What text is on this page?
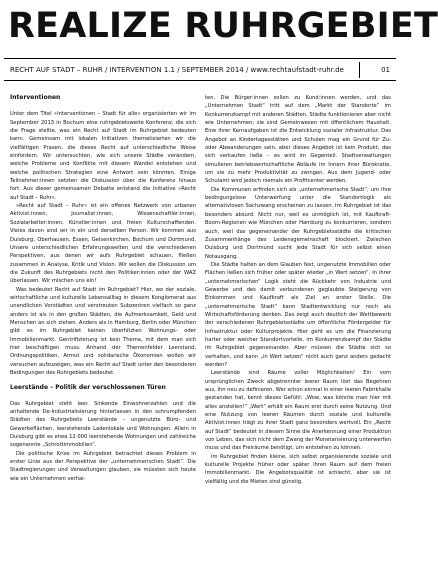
REALIZE RUHRGEBIET
RECHT AUF STADT – RUHR / INTERVENTION 1.1 / SEPTEMBER 2014 / www.rechtaufstadt-ruhr.de	01
Interventionen

Unter dem Titel »Interventionen – Stadt für alle« organisierten wir im September 2013 in Bochum eine ruhrgebietsweite Konferenz, die sich die Frage stellte, was ein Recht auf Stadt im Ruhrgebiet bedeuten kann. Gemeinsam mit lokalen Initiativen thematisierten wir die vielfältigen Praxen, die dieses Recht auf unterschiedliche Weise einfordern. Wir untersuchten, wie sich unsere Städte verändern, welche Probleme und Konflikte mit diesem Wandel entstehen und welche politischen Strategien eine Antwort sein könnten. Einige Teilnehmer:innen setzten die Diskussion über die Konferenz hinaus fort. Aus dieser gemeinsamen Debatte entstand die Initiative »Recht auf Stadt – Ruhr«.

»Recht auf Stadt – Ruhr« ist ein offenes Netzwerk von urbanen Aktivist:innen, Journalist:innen, Wissenschaftler:innen, Sozialarbeiter:innen, Künstler:innen und freien Kulturschaffenden. Vieles davon sind wir in ein und derselben Person. Wir kommen aus Duisburg, Oberhausen, Essen, Gelsenkirchen, Bochum und Dortmund. Unsere unterschiedlichen Erfahrungswelten und die verschiedenen Perspektiven, aus denen wir aufs Ruhrgebiet schauen, fließen zusammen in Analyse, Kritik und Vision. Wir wollen die Diskussion um die Zukunft des Ruhrgebiets nicht den Politiker:innen oder der WAZ überlassen. Wir mischen uns ein!

Was bedeutet Recht auf Stadt im Ruhrgebiet? Hier, wo der soziale, wirtschaftliche und kulturelle Lebensalltag in diesem Konglomerat aus unendlichen Vorstädten und verstreuten Subzentren vielfach so ganz anders ist als in den großen Städten, die Aufmerksamkeit, Geld und Menschen an sich ziehen. Anders als in Hamburg, Berlin oder München gibt es im Ruhrgebiet keinen überhitzten Wohnungs- oder Immobilienmarkt. Gentrifizierung ist kein Thema, mit dem man sich hier beschäftigen muss. Anhand der Themenfelder Leerstand, Ordnungspolitiken, Armut und solidarische Ökonomien wollen wir versuchen aufzuzeigen, was ein Recht auf Stadt unter den besonderen Bedingungen des Ruhrgebiets bedeutet.

Leerstände – Politik der verschlossenen Türen

Das Ruhrgebiet steht leer. Sinkende Einwohnerzahlen und die anhaltende De-Industrialisierung hinterlassen in den schrumpfenden Städten des Ruhrgebiets Leerstände – ungenutzte Büro- und Gewerbeflächen, leerstehende Ladenlokale und Wohnungen. Allein in Duisburg gibt es etwa 12.000 leerstehende Wohnungen und zahlreiche sogenannte „Schrottimmobilien“.

Die politische Krise im Ruhrgebiet betrachtet dieses Problem in erster Linie aus der Perspektive der „unternehmerischen Stadt“. Die Stadtregierungen und Verwaltungen glauben, sie müssten sich heute wie ein Unternehmen verhal-

ten. Die Bürger:innen sollen zu Kund:innen werden, und das „Unternehmen Stadt“ tritt auf dem „Markt der Standorte“ im Konkurrenzkampf mit anderen Städten. Städte funktionieren aber nicht wie Unternehmen; sie sind Gemeinwesen mit öffentlichem Haushalt. Eine ihrer Kernaufgaben ist die Entwicklung sozialer Infrastruktur. Das Angebot an Kindertagesstätten und Schulen mag ein Grund für Zu- oder Abwanderungen sein, aber dieses Angebot ist kein Produkt, das sich verkaufen ließe – es wird im Gegenteil. Stadtverwaltungen simulieren betriebswirtschaftliche Abläufe im Innern ihrer Bürokratie, um sie zu mehr Produktivität zu zwingen. Aus dem Jugend- oder Schulamt wird jedoch niemals ein Profitcenter werden.

Die Kommunen erfinden sich als „unternehmerische Stadt“, um ihre bedingungslose Unterwerfung unter die Standortlogik als alternativlosen Sachzwang erscheinen zu lassen. Im Ruhrgebiet ist das besonders absurd. Nicht nur, weil es unmöglich ist, mit Kaufkraft-Boom-Regionen wie München oder Hamburg zu konkurrieren, sondern auch, weil das gegeneinander der Ruhrgebietsstädte die kritischen Zusammenhänge des Leidensgemeinschaft blockiert. Zwischen Duisburg und Dortmund sucht jede Stadt für sich selbst einen Notausgang.

Die Städte halten an dem Glauben fest, ungenutzte Immobilien oder Flächen ließen sich früher oder später wieder „in Wert setzen“. In ihrer „unternehmerischen“ Logik steht die Rückkehr von Industrie und Gewerbe und des damit verbundenen geglaubte Steigerung von Einkommen und Kaufkraft als Ziel an erster Stelle. Die „unternehmerische Stadt“ kann Stadtentwicklung nur noch als Wirtschaftsförderung denken. Das zeigt auch deutlich der Wettbewerb der verschiedenen Ruhrgebietsstädte um öffentliche Fördergelder für Infrastruktur oder Kulturprojekte. Hier geht es um die Finanzierung harter oder weicher Standortvorteile, im Konkurrenzkampf der Städte im Ruhrgebiet gegeneinander. Aber müssen die Städte sich so verhalten, und kann „in Wert setzen“ nicht auch ganz anders gedacht werden?

Leerstände sind Räume voller Möglichkeiten! Ein vom ursprünglichen Zweck abgetrennter leerer Raum löst das Begehren aus, ihn neu zu definieren. Wer schon einmal in einer leeren Fabrikhalle gestanden hat, kennt dieses Gefühl: „Wow, was könnte man hier mit alles anstellen!“ „Wert“ erhält ein Raum erst durch seine Nutzung. Und eine Nutzung von leeren Räumen durch soziale und kulturelle Aktivist:innen trägt zu ihrer Stadt ganz besonders wertvoll. Ein „Recht auf Stadt“ bedeutet in diesem Sinne die Anerkennung einer Produktion von Leben, das sich nicht dem Zwang der Monetarisierung unterwerfen muss und das Freiräume benötigt, um entstehen zu können.

Im Ruhrgebiet finden kleine, sich selbst organisierende soziale und kulturelle Projekte früher oder später ihren Raum auf dem freien Immobilienmarkt. Die Angebotsqualität ist schlecht, aber sie ist vielfältig und die Mieten sind günstig.
